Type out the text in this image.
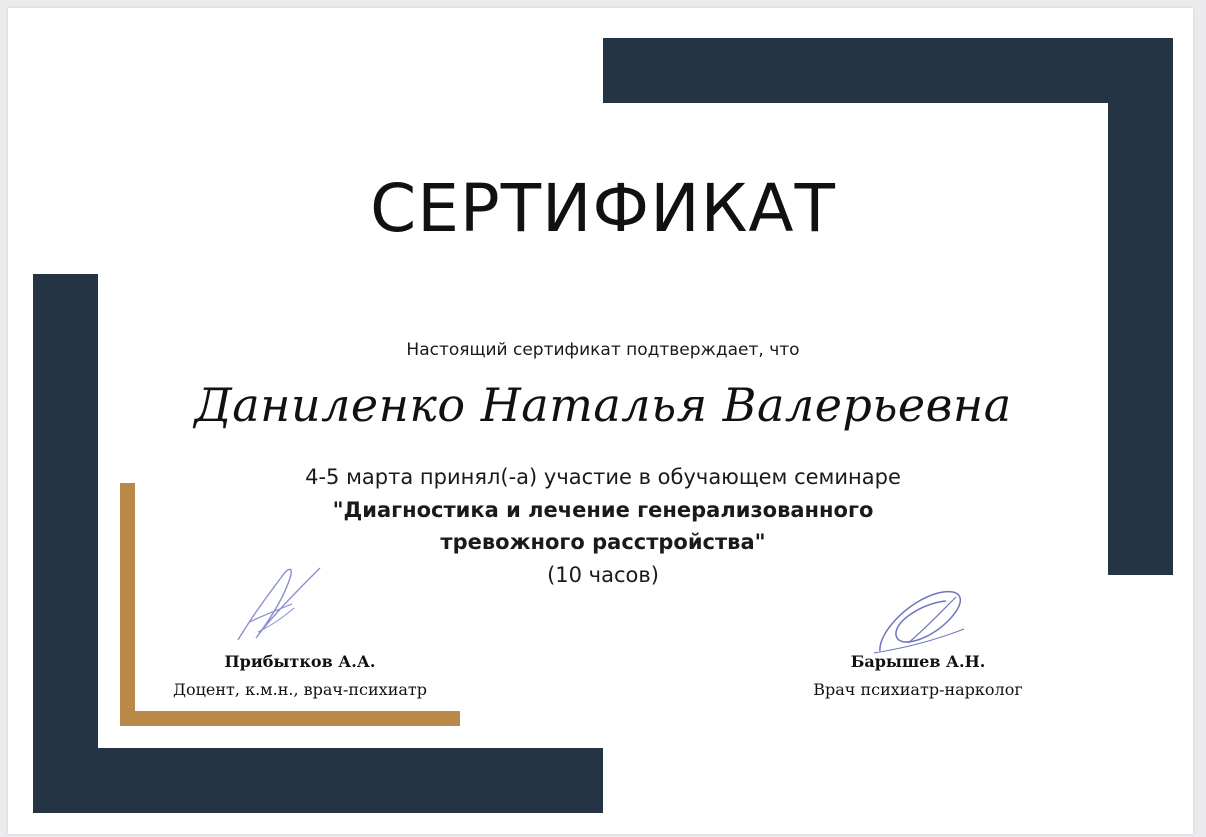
СЕРТИФИКАТ

Настоящий сертификат подтверждает, что

Даниленко Наталья Валерьевна

4-5 марта принял(-а) участие в обучающем семинаре

"Диагностика и лечение генерализованного

тревожного расстройства"

(10 часов)

Прибытков А.А.

Доцент, к.м.н., врач-психиатр

Барышев А.Н.

Врач психиатр-нарколог
